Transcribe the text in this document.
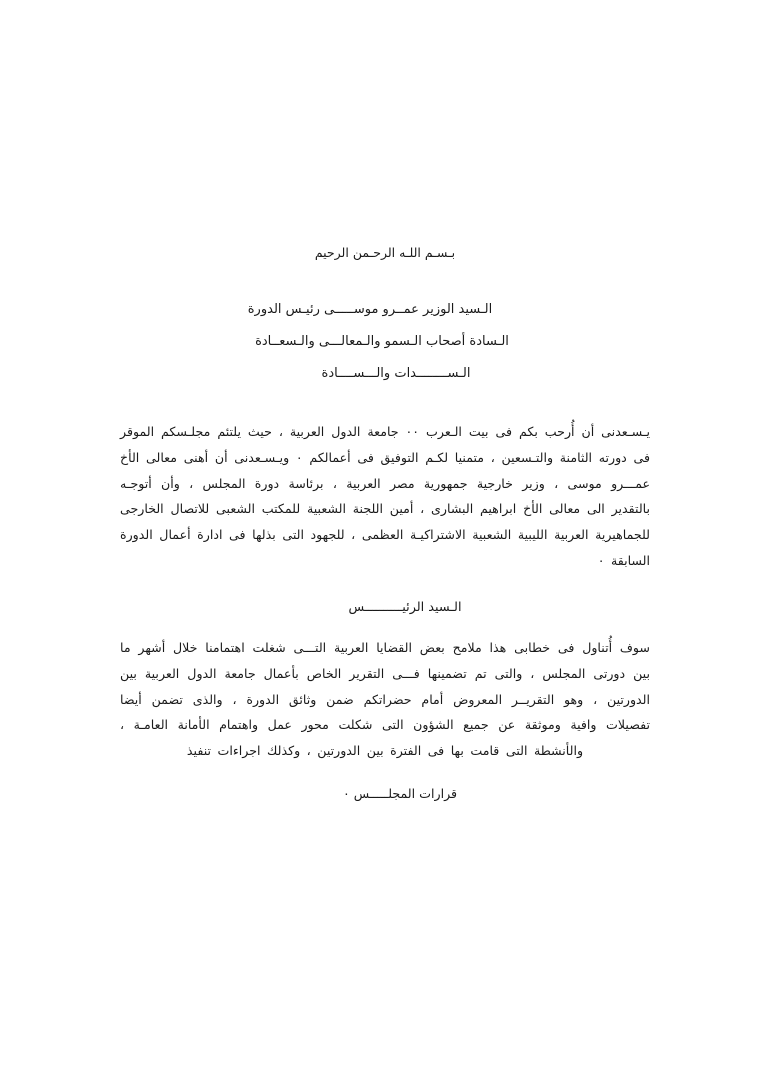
بـسـم اللـه الرحـمن الرحيم
الـسيد الوزير عمــرو موســـــى رئيـس الدورة
الـسادة أصحاب الـسمو والـمعالـــى والـسعــادة
الـســــــــدات والـــســــادة

يـسـعدنى أن أُرحب بكم فى بيت الـعرب ٠٠ جامعة الدول العربية ، حيث يلتئم مجلـسكم الموقر فى دورته الثامنة والتـسعين ، متمنيا لكـم التوفيق فى أعمالكم ٠ ويـسـعدنى أن أهنى معالى الأخ عمـــرو موسى ، وزير خارجية جمهورية مصر العربية ، برئاسة دورة المجلس ، وأن أتوجـه بالتقدير الى معالى الأخ ابراهيم البشارى ، أمين اللجنة الشعبية للمكتب الشعبى للاتصال الخارجى للجماهيرية العربية الليبية الشعبية الاشتراكيـة العظمى ، للجهود التى بذلها فى ادارة أعمال الدورة السابقة ٠

الـسيد الرئيــــــــــس

سوف أُتناول فى خطابى هذا ملامح بعض القضايا العربية التـــى شغلت اهتمامنا خلال أشهر ما بين دورتى المجلس ، والتى تم تضمينها فـــى التقرير الخاص بأعمال جامعة الدول العربية بين الدورتين ، وهو التقريــر المعروض أمام حضراتكم ضمن وثائق الدورة ، والذى تضمن أيضا تفصيلات وافية وموثقة عن جميع الشؤون التى شكلت محور عمل واهتمام الأمانة العامـة ، والأنشطة التى قامت بها فى الفترة بين الدورتين ، وكذلك اجراءات تنفيذ

قرارات المجلـــــس ٠
